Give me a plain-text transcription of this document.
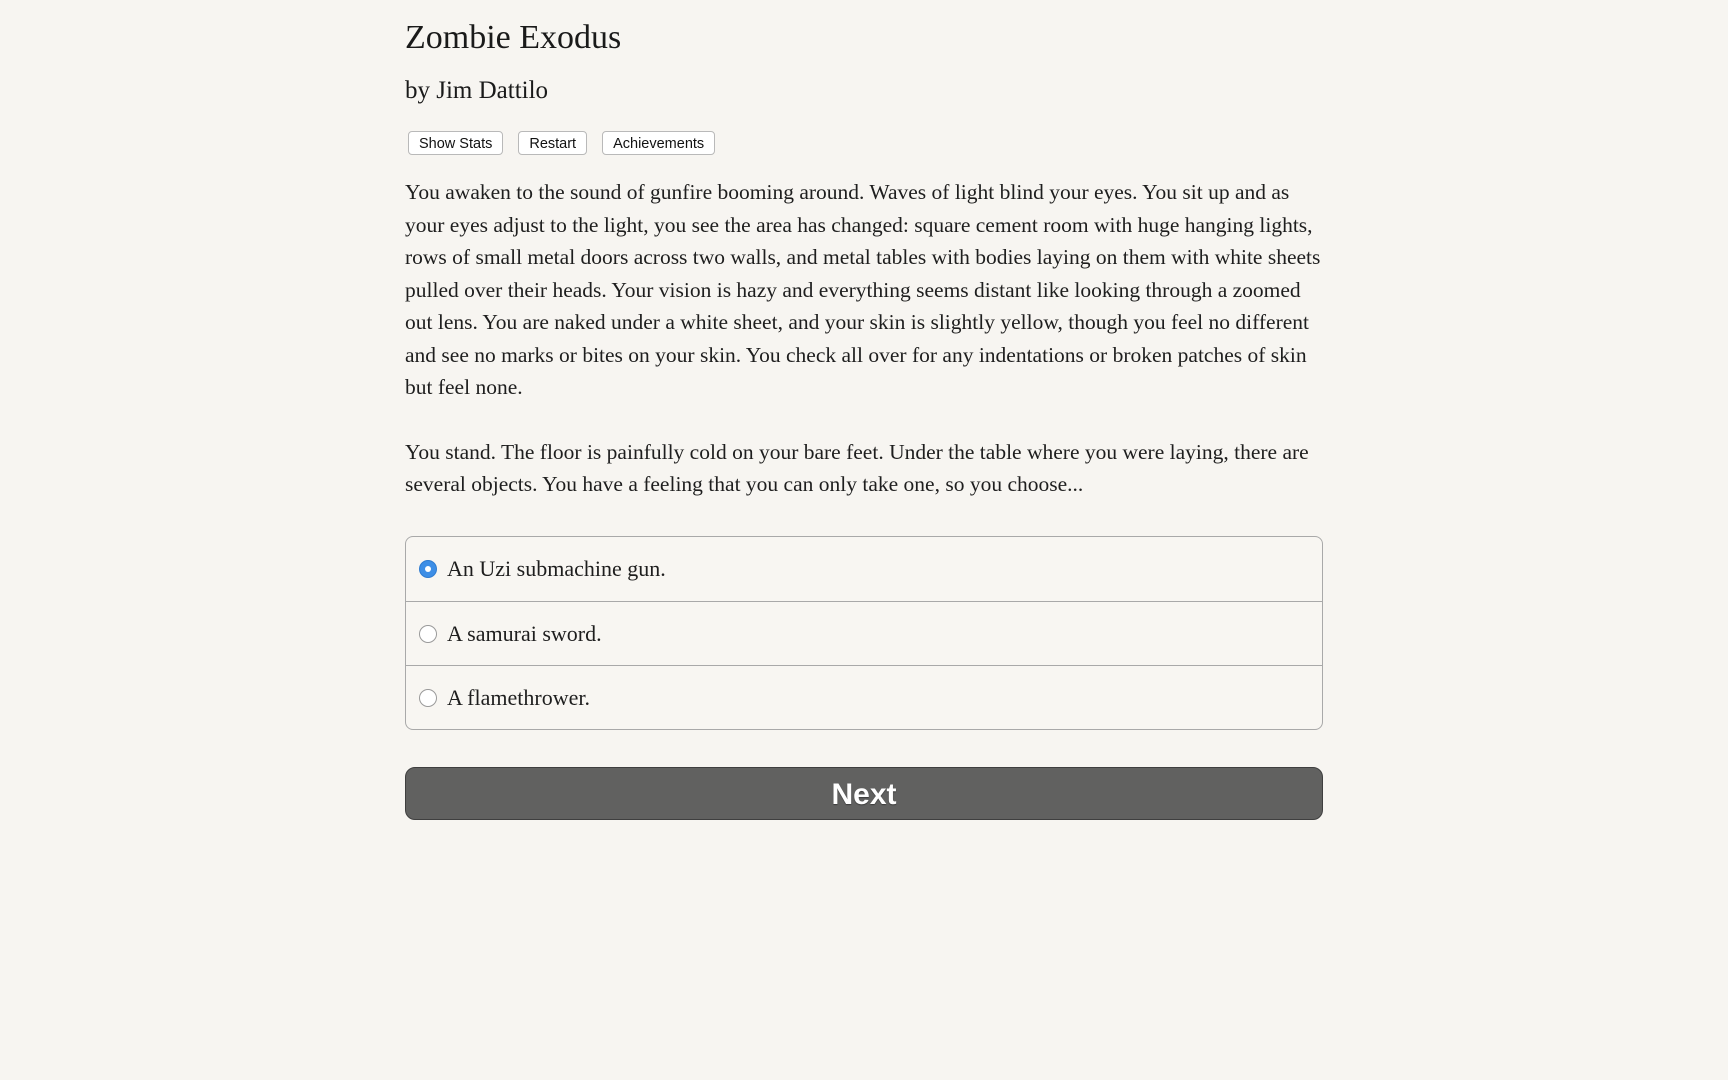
Zombie Exodus
by Jim Dattilo
Show Stats	Restart	Achievements

You awaken to the sound of gunfire booming around. Waves of light blind your eyes. You sit up and as your eyes adjust to the light, you see the area has changed: square cement room with huge hanging lights, rows of small metal doors across two walls, and metal tables with bodies laying on them with white sheets pulled over their heads. Your vision is hazy and everything seems distant like looking through a zoomed out lens. You are naked under a white sheet, and your skin is slightly yellow, though you feel no different and see no marks or bites on your skin. You check all over for any indentations or broken patches of skin but feel none.

You stand. The floor is painfully cold on your bare feet. Under the table where you were laying, there are several objects. You have a feeling that you can only take one, so you choose...

An Uzi submachine gun.
A samurai sword.
A flamethrower.
Next
